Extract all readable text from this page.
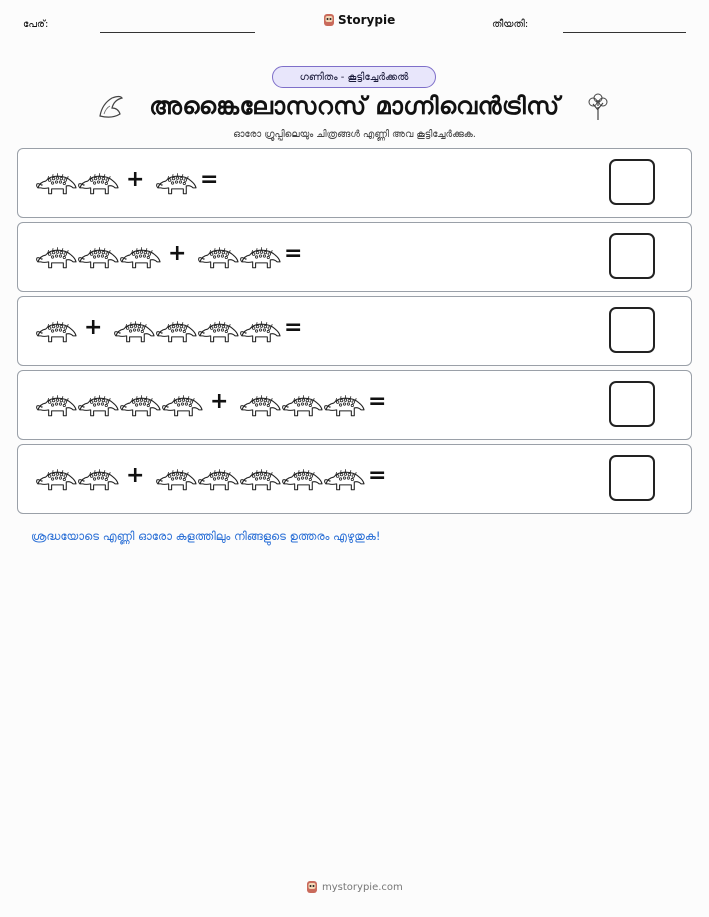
പേര്:	Storypie	തീയതി:
ഗണിതം - കൂട്ടിച്ചേർക്കൽ
അങ്കൈലോസറസ് മാഗ്നിവെൻട്രിസ്
ഓരോ ഗ്രൂപ്പിലെയും ചിത്രങ്ങൾ എണ്ണി അവ കൂട്ടിച്ചേർക്കുക.
+	=
+	=
+	=
+	=
+	=
ശ്രദ്ധയോടെ എണ്ണി ഓരോ കളത്തിലും നിങ്ങളുടെ ഉത്തരം എഴുതുക!
mystorypie.com
